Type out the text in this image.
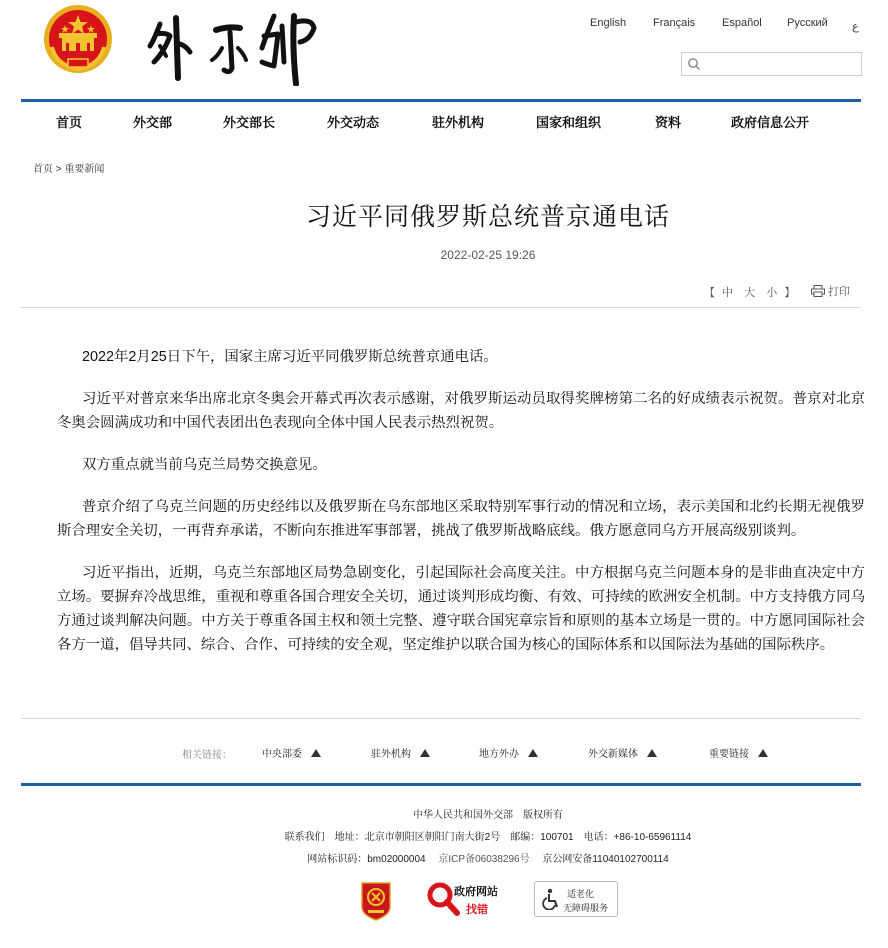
English Français Español Русский ع
首页	外交部	外交部长	外交动态	驻外机构	国家和组织	资料	政府信息公开
首页 > 重要新闻
习近平同俄罗斯总统普京通电话
2022-02-25 19:26
【 中 大 小 】	打印

2022年2月25日下午，国家主席习近平同俄罗斯总统普京通电话。

习近平对普京来华出席北京冬奥会开幕式再次表示感谢，对俄罗斯运动员取得奖牌榜第二名的好成绩表示祝贺。普京对北京冬奥会圆满成功和中国代表团出色表现向全体中国人民表示热烈祝贺。

双方重点就当前乌克兰局势交换意见。

普京介绍了乌克兰问题的历史经纬以及俄罗斯在乌东部地区采取特别军事行动的情况和立场，表示美国和北约长期无视俄罗斯合理安全关切，一再背弃承诺，不断向东推进军事部署，挑战了俄罗斯战略底线。俄方愿意同乌方开展高级别谈判。

习近平指出，近期，乌克兰东部地区局势急剧变化，引起国际社会高度关注。中方根据乌克兰问题本身的是非曲直决定中方立场。要摒弃冷战思维，重视和尊重各国合理安全关切，通过谈判形成均衡、有效、可持续的欧洲安全机制。中方支持俄方同乌方通过谈判解决问题。中方关于尊重各国主权和领土完整、遵守联合国宪章宗旨和原则的基本立场是一贯的。中方愿同国际社会各方一道，倡导共同、综合、合作、可持续的安全观，坚定维护以联合国为核心的国际体系和以国际法为基础的国际秩序。

相关链接：	中央部委	驻外机构	地方外办	外交新媒体	重要链接
中华人民共和国外交部　版权所有
联系我们　地址：北京市朝阳区朝阳门南大街2号　邮编：100701　电话：+86-10-65961114
网站标识码：bm02000004　 京ICP备06038296号　 京公网安备11040102700114
政府网站
找错
适老化
无障碍服务
